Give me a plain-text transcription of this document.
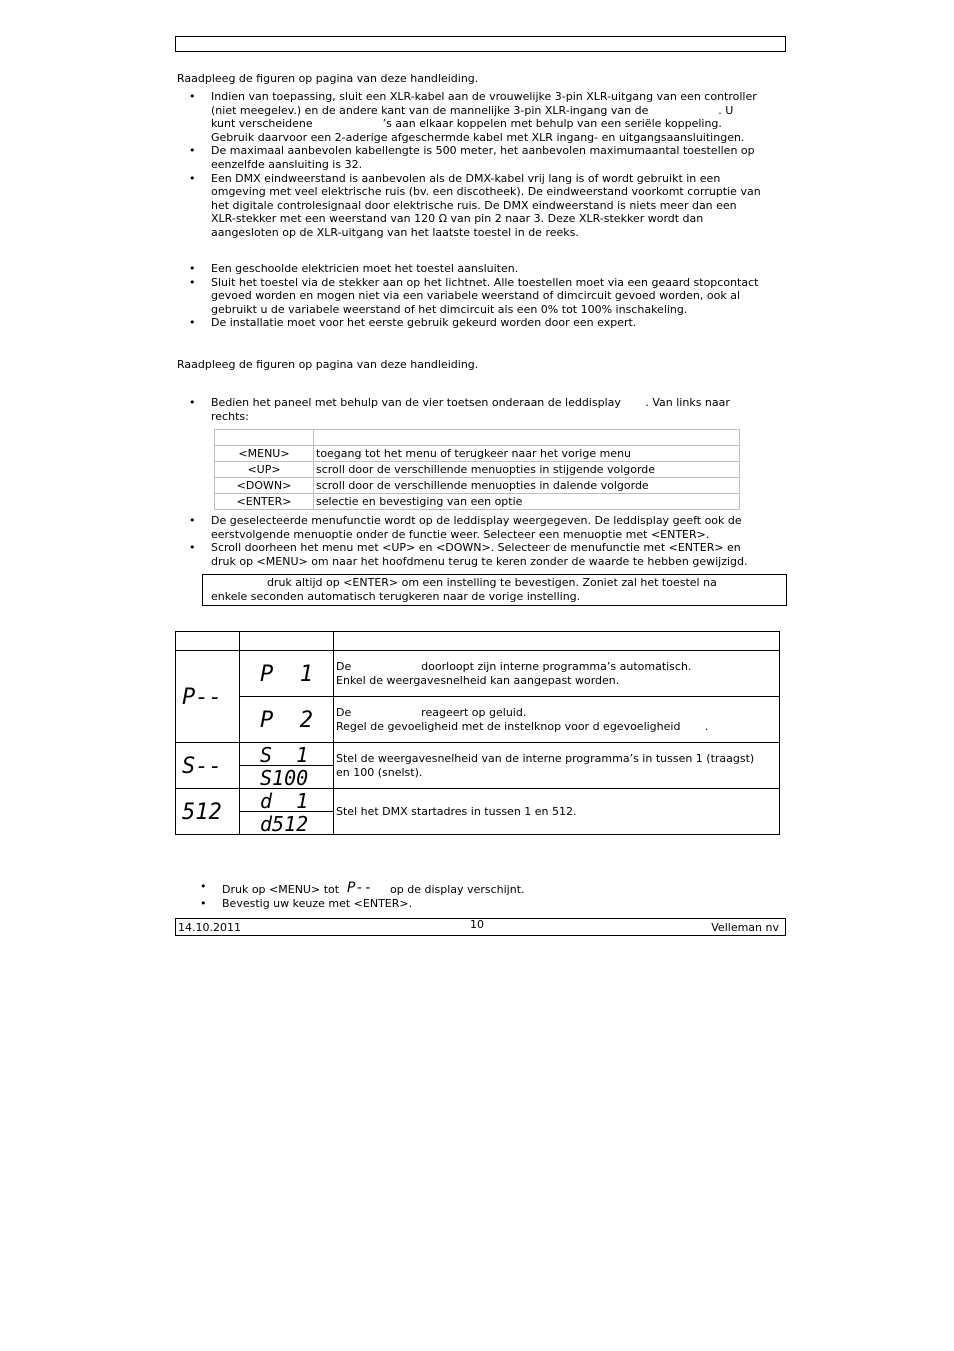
Raadpleeg de figuren op pagina van deze handleiding.
• Indien van toepassing, sluit een XLR-kabel aan de vrouwelijke 3-pin XLR-uitgang van een controller
(niet meegelev.) en de andere kant van de mannelijke 3-pin XLR-ingang van de                    . U
kunt verscheidene                    ’s aan elkaar koppelen met behulp van een seriële koppeling.
Gebruik daarvoor een 2-aderige afgeschermde kabel met XLR ingang- en uitgangsaansluitingen.
• De maximaal aanbevolen kabellengte is 500 meter, het aanbevolen maximumaantal toestellen op
eenzelfde aansluiting is 32.
• Een DMX eindweerstand is aanbevolen als de DMX-kabel vrij lang is of wordt gebruikt in een
omgeving met veel elektrische ruis (bv. een discotheek). De eindweerstand voorkomt corruptie van
het digitale controlesignaal door elektrische ruis. De DMX eindweerstand is niets meer dan een
XLR-stekker met een weerstand van 120 Ω van pin 2 naar 3. Deze XLR-stekker wordt dan
aangesloten op de XLR-uitgang van het laatste toestel in de reeks.
• Een geschoolde elektricien moet het toestel aansluiten.
• Sluit het toestel via de stekker aan op het lichtnet. Alle toestellen moet via een geaard stopcontact
gevoed worden en mogen niet via een variabele weerstand of dimcircuit gevoed worden, ook al
gebruikt u de variabele weerstand of het dimcircuit als een 0% tot 100% inschakeling.
• De installatie moet voor het eerste gebruik gekeurd worden door een expert.
Raadpleeg de figuren op pagina van deze handleiding.
• Bedien het paneel met behulp van de vier toetsen onderaan de leddisplay       . Van links naar
rechts:

<MENU>	toegang tot het menu of terugkeer naar het vorige menu
<UP>	scroll door de verschillende menuopties in stijgende volgorde
<DOWN>	scroll door de verschillende menuopties in dalende volgorde
<ENTER>	selectie en bevestiging van een optie
• De geselecteerde menufunctie wordt op de leddisplay weergegeven. De leddisplay geeft ook de
eerstvolgende menuoptie onder de functie weer. Selecteer een menuoptie met <ENTER>.
• Scroll doorheen het menu met <UP> en <DOWN>. Selecteer de menufunctie met <ENTER> en
druk op <MENU> om naar het hoofdmenu terug te keren zonder de waarde te hebben gewijzigd.
druk altijd op <ENTER> om een instelling te bevestigen. Zoniet zal het toestel na
enkele seconden automatisch terugkeren naar de vorige instelling.

P--	P  1	De                    doorloopt zijn interne programma’s automatisch.
Enkel de weergavesnelheid kan aangepast worden.

P  2	De                    reageert op geluid.
Regel de gevoeligheid met de instelknop voor d egevoeligheid       .

S--	S  1	Stel de weergavesnelheid van de interne programma’s in tussen 1 (traagst)
en 100 (snelst).

S100	

512	d  1	Stel het DMX startadres in tussen 1 en 512.

d512	
• Druk op <MENU> tot P-- op de display verschijnt.
• Bevestig uw keuze met <ENTER>.
14.10.2011	10	Velleman nv
